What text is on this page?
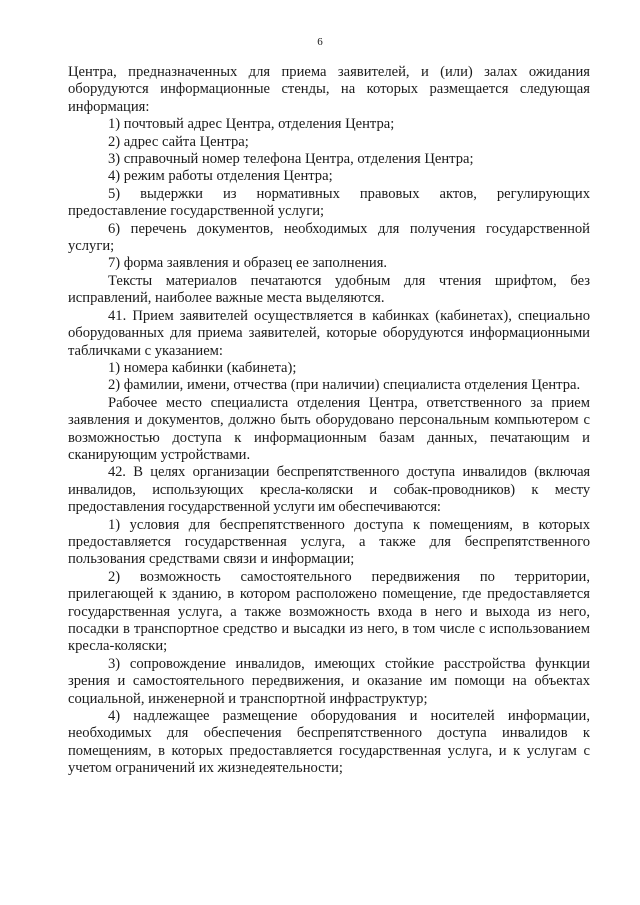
6

Центра, предназначенных для приема заявителей, и (или) залах ожидания оборудуются информационные стенды, на которых размещается следующая информация:

1) почтовый адрес Центра, отделения Центра;

2) адрес сайта Центра;

3) справочный номер телефона Центра, отделения Центра;

4) режим работы отделения Центра;

5) выдержки из нормативных правовых актов, регулирующих предоставление государственной услуги;

6) перечень документов, необходимых для получения государственной услуги;

7) форма заявления и образец ее заполнения.

Тексты материалов печатаются удобным для чтения шрифтом, без исправлений, наиболее важные места выделяются.

41. Прием заявителей осуществляется в кабинках (кабинетах), специально оборудованных для приема заявителей, которые оборудуются информационными табличками с указанием:

1) номера кабинки (кабинета);

2) фамилии, имени, отчества (при наличии) специалиста отделения Центра.

Рабочее место специалиста отделения Центра, ответственного за прием заявления и документов, должно быть оборудовано персональным компьютером с возможностью доступа к информационным базам данных, печатающим и сканирующим устройствами.

42. В целях организации беспрепятственного доступа инвалидов (включая инвалидов, использующих кресла-коляски и собак-проводников) к месту предоставления государственной услуги им обеспечиваются:

1) условия для беспрепятственного доступа к помещениям, в которых предоставляется государственная услуга, а также для беспрепятственного пользования средствами связи и информации;

2) возможность самостоятельного передвижения по территории, прилегающей к зданию, в котором расположено помещение, где предоставляется государственная услуга, а также возможность входа в него и выхода из него, посадки в транспортное средство и высадки из него, в том числе с использованием кресла-коляски;

3) сопровождение инвалидов, имеющих стойкие расстройства функции зрения и самостоятельного передвижения, и оказание им помощи на объектах социальной, инженерной и транспортной инфраструктур;

4) надлежащее размещение оборудования и носителей информации, необходимых для обеспечения беспрепятственного доступа инвалидов к помещениям, в которых предоставляется государственная услуга, и к услугам с учетом ограничений их жизнедеятельности;
